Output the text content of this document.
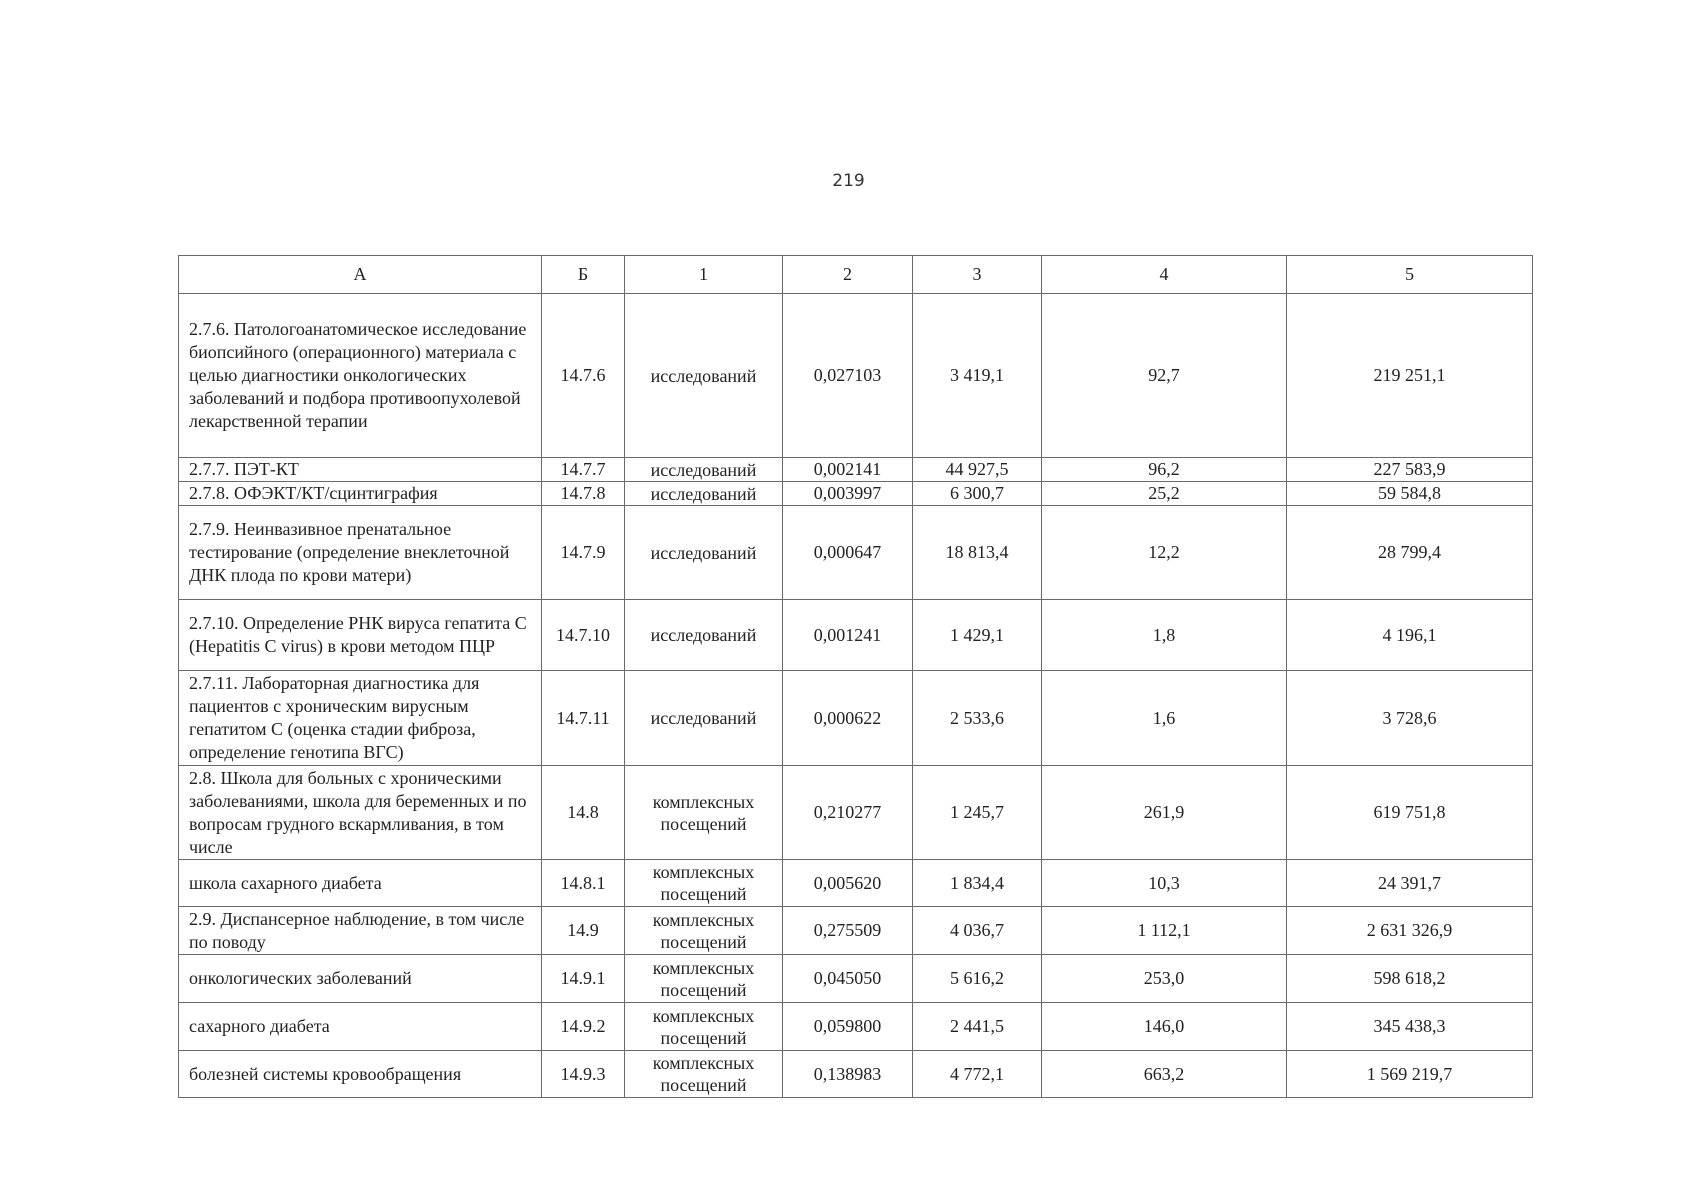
219
А	Б	1	2	3	4	5
2.7.6. Патологоанатомическое исследование биопсийного (операционного) материала с целью диагностики онкологических заболеваний и подбора противоопухолевой лекарственной терапии	14.7.6	исследований	0,027103	3 419,1	92,7	219 251,1
2.7.7. ПЭТ-КТ	14.7.7	исследований	0,002141	44 927,5	96,2	227 583,9
2.7.8. ОФЭКТ/КТ/сцинтиграфия	14.7.8	исследований	0,003997	6 300,7	25,2	59 584,8
2.7.9. Неинвазивное пренатальное тестирование (определение внеклеточной ДНК плода по крови матери)	14.7.9	исследований	0,000647	18 813,4	12,2	28 799,4
2.7.10. Определение РНК вируса гепатита С (Hepatitis C virus) в крови методом ПЦР	14.7.10	исследований	0,001241	1 429,1	1,8	4 196,1
2.7.11. Лабораторная диагностика для пациентов с хроническим вирусным гепатитом С (оценка стадии фиброза, определение генотипа ВГС)	14.7.11	исследований	0,000622	2 533,6	1,6	3 728,6
2.8. Школа для больных с хроническими заболеваниями, школа для беременных и по вопросам грудного вскармливания, в том числе	14.8	комплексных посещений	0,210277	1 245,7	261,9	619 751,8
школа сахарного диабета	14.8.1	комплексных посещений	0,005620	1 834,4	10,3	24 391,7
2.9. Диспансерное наблюдение, в том числе по поводу	14.9	комплексных посещений	0,275509	4 036,7	1 112,1	2 631 326,9
онкологических заболеваний	14.9.1	комплексных посещений	0,045050	5 616,2	253,0	598 618,2
сахарного диабета	14.9.2	комплексных посещений	0,059800	2 441,5	146,0	345 438,3
болезней системы кровообращения	14.9.3	комплексных посещений	0,138983	4 772,1	663,2	1 569 219,7
